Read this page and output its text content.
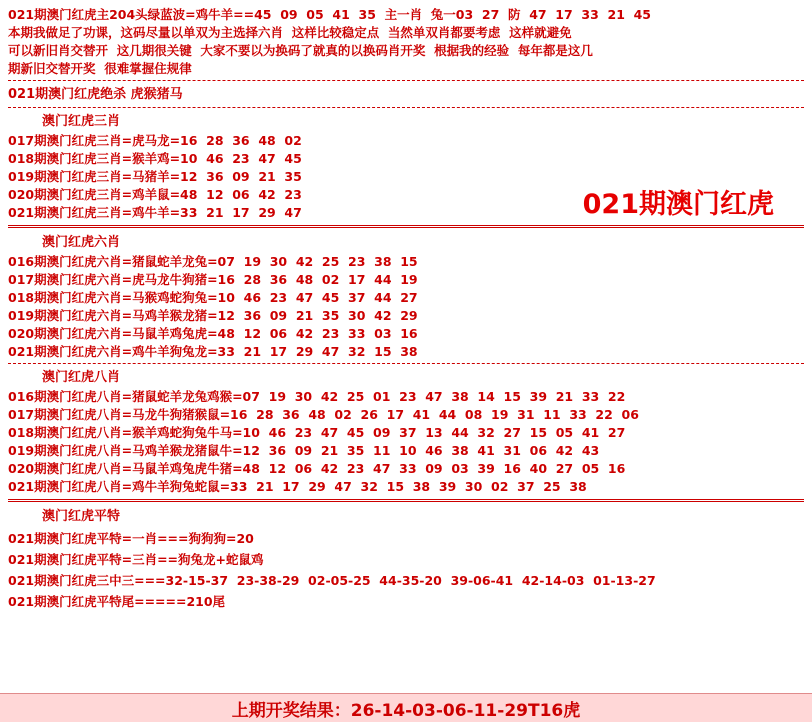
021期澳门红虎主204头绿蓝波=鸡牛羊==45  09  05  41  35  主一肖  兔一03  27  防  47  17  33  21  45
本期我做足了功课，这码尽量以单双为主选择六肖  这样比较稳定点  当然单双肖都要考虑  这样就避免
可以新旧肖交替开  这几期很关键  大家不要以为换码了就真的以换码肖开奖  根据我的经验  每年都是这几
期新旧交替开奖  很难掌握住规律
021期澳门红虎绝杀 虎猴猪马
021期澳门红虎
澳门红虎三肖
017期澳门红虎三肖=虎马龙=16  28  36  48  02
018期澳门红虎三肖=猴羊鸡=10  46  23  47  45
019期澳门红虎三肖=马猪羊=12  36  09  21  35
020期澳门红虎三肖=鸡羊鼠=48  12  06  42  23
021期澳门红虎三肖=鸡牛羊=33  21  17  29  47
澳门红虎六肖
016期澳门红虎六肖=猪鼠蛇羊龙兔=07  19  30  42  25  23  38  15
017期澳门红虎六肖=虎马龙牛狗猪=16  28  36  48  02  17  44  19
018期澳门红虎六肖=马猴鸡蛇狗兔=10  46  23  47  45  37  44  27
019期澳门红虎六肖=马鸡羊猴龙猪=12  36  09  21  35  30  42  29
020期澳门红虎六肖=马鼠羊鸡兔虎=48  12  06  42  23  33  03  16
021期澳门红虎六肖=鸡牛羊狗兔龙=33  21  17  29  47  32  15  38
澳门红虎八肖
016期澳门红虎八肖=猪鼠蛇羊龙兔鸡猴=07  19  30  42  25  01  23  47  38  14  15  39  21  33  22
017期澳门红虎八肖=马龙牛狗猪猴鼠=16  28  36  48  02  26  17  41  44  08  19  31  11  33  22  06
018期澳门红虎八肖=猴羊鸡蛇狗兔牛马=10  46  23  47  45  09  37  13  44  32  27  15  05  41  27
019期澳门红虎八肖=马鸡羊猴龙猪鼠牛=12  36  09  21  35  11  10  46  38  41  31  06  42  43
020期澳门红虎八肖=马鼠羊鸡兔虎牛猪=48  12  06  42  23  47  33  09  03  39  16  40  27  05  16
021期澳门红虎八肖=鸡牛羊狗兔蛇鼠=33  21  17  29  47  32  15  38  39  30  02  37  25  38
澳门红虎平特
021期澳门红虎平特=一肖===狗狗狗=20
021期澳门红虎平特=三肖==狗兔龙+蛇鼠鸡
021期澳门红虎三中三===32-15-37  23-38-29  02-05-25  44-35-20  39-06-41  42-14-03  01-13-27
021期澳门红虎平特尾=====210尾
上期开奖结果：26-14-03-06-11-29T16虎
